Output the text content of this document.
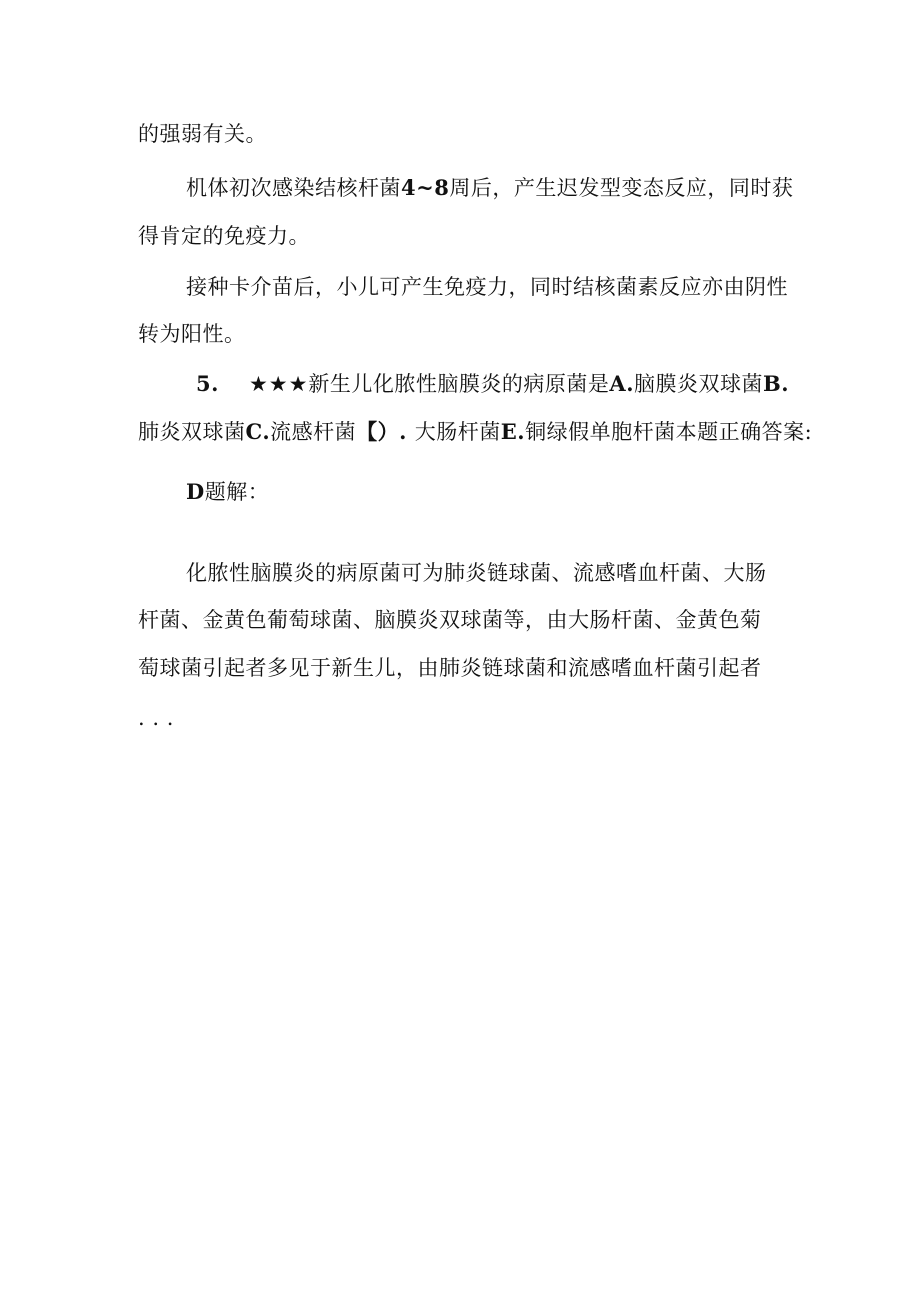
的强弱有关。
机体初次感染结核杆菌4~8周后，产生迟发型变态反应，同时获
得肯定的免疫力。
接种卡介苗后，小儿可产生免疫力，同时结核菌素反应亦由阴性
转为阳性。
5. ★★★新生儿化脓性脑膜炎的病原菌是A.脑膜炎双球菌B.
肺炎双球菌C.流感杆菌【）. 大肠杆菌E.铜绿假单胞杆菌本题正确答案:
D题解：
化脓性脑膜炎的病原菌可为肺炎链球菌、流感嗜血杆菌、大肠
杆菌、金黄色葡萄球菌、脑膜炎双球菌等，由大肠杆菌、金黄色菊
萄球菌引起者多见于新生儿，由肺炎链球菌和流感嗜血杆菌引起者
. . .
